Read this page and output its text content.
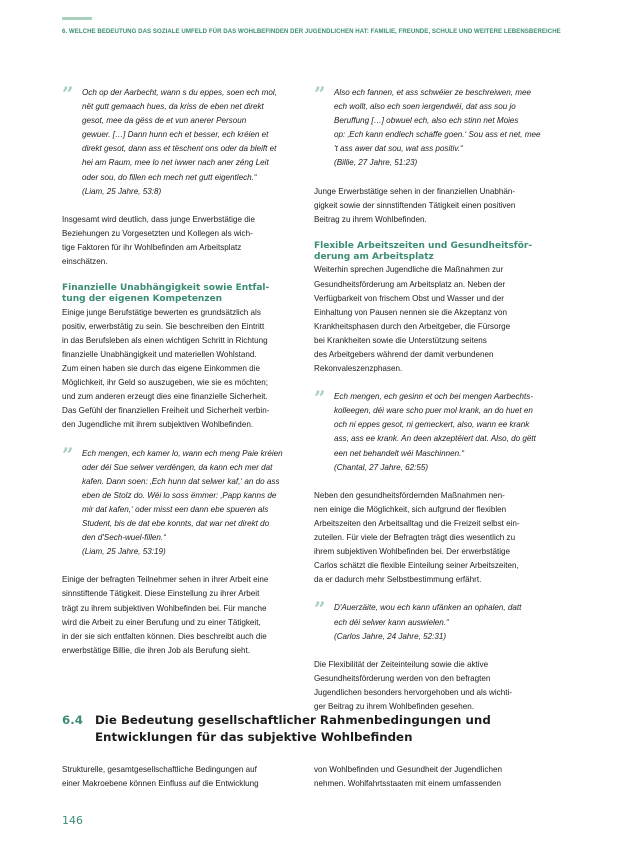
6. WELCHE BEDEUTUNG DAS SOZIALE UMFELD FÜR DAS WOHLBEFINDEN DER JUGENDLICHEN HAT: FAMILIE, FREUNDE, SCHULE UND WEITERE LEBENSBEREICHE
” Och op der Aarbecht, wann s du eppes, soen ech mol,
nët gutt gemaach hues, da kriss de eben net direkt
gesot, mee da gëss de et vun anerer Persoun
gewuer. […] Dann hunn ech et besser, ech kréien et
direkt gesot, dann ass et tëschent ons oder da bleift et
hei am Raum, mee lo net iwwer nach aner zéng Leit
oder sou, do fillen ech mech net gutt eigentlech.“
(Liam, 25 Jahre, 53:8)

Insgesamt wird deutlich, dass junge Erwerbstätige die
Beziehungen zu Vorgesetzten und Kollegen als wich-
tige Faktoren für ihr Wohlbefinden am Arbeitsplatz
einschätzen.

Finanzielle Unabhängigkeit sowie Entfal-
tung der eigenen Kompetenzen

Einige junge Berufstätige bewerten es grundsätzlich als
positiv, erwerbstätig zu sein. Sie beschreiben den Eintritt
in das Berufsleben als einen wichtigen Schritt in Richtung
finanzielle Unabhängigkeit und materiellen Wohlstand.
Zum einen haben sie durch das eigene Einkommen die
Möglichkeit, ihr Geld so auszugeben, wie sie es möchten;
und zum anderen erzeugt dies eine finanzielle Sicherheit.
Das Gefühl der finanziellen Freiheit und Sicherheit verbin-
den Jugendliche mit ihrem subjektiven Wohlbefinden.

” Ech mengen, ech kamer lo, wann ech meng Paie kréien
oder déi Sue selwer verdéngen, da kann ech mer dat
kafen. Dann soen: ‚Ech hunn dat selwer kaf,‘ an do ass
eben de Stolz do. Wéi lo soss ëmmer: ‚Papp kanns de
mir dat kafen,‘ oder misst een dann ebe spueren als
Student, bis de dat ebe konnts, dat war net direkt do
den d'Sech-wuel-fillen.“
(Liam, 25 Jahre, 53:19)

Einige der befragten Teilnehmer sehen in ihrer Arbeit eine
sinnstiftende Tätigkeit. Diese Einstellung zu ihrer Arbeit
trägt zu ihrem subjektiven Wohlbefinden bei. Für manche
wird die Arbeit zu einer Berufung und zu einer Tätigkeit,
in der sie sich entfalten können. Dies beschreibt auch die
erwerbstätige Billie, die ihren Job als Berufung sieht.

” Also ech fannen, et ass schwéier ze beschreiwen, mee
ech wollt, also ech soen iergendwéi, dat ass sou jo
Beruffung […] obwuel ech, also ech stinn net Moies
op: ‚Ech kann endlech schaffe goen.‘ Sou ass et net, mee
't ass awer dat sou, wat ass positiv.“
(Billie, 27 Jahre, 51:23)

Junge Erwerbstätige sehen in der finanziellen Unabhän-
gigkeit sowie der sinnstiftenden Tätigkeit einen positiven
Beitrag zu ihrem Wohlbefinden.

Flexible Arbeitszeiten und Gesundheitsför-
derung am Arbeitsplatz

Weiterhin sprechen Jugendliche die Maßnahmen zur
Gesundheitsförderung am Arbeitsplatz an. Neben der
Verfügbarkeit von frischem Obst und Wasser und der
Einhaltung von Pausen nennen sie die Akzeptanz von
Krankheitsphasen durch den Arbeitgeber, die Fürsorge
bei Krankheiten sowie die Unterstützung seitens
des Arbeitgebers während der damit verbundenen
Rekonvaleszenzphasen.

” Ech mengen, ech gesinn et och bei mengen Aarbechts-
kolleegen, déi ware scho puer mol krank, an do huet en
och ni eppes gesot, ni gemeckert, also, wann ee krank
ass, ass ee krank. An deen akzeptéiert dat. Also, do gëtt
een net behandelt wéi Maschinnen.“
(Chantal, 27 Jahre, 62:55)

Neben den gesundheitsfördernden Maßnahmen nen-
nen einige die Möglichkeit, sich aufgrund der flexiblen
Arbeitszeiten den Arbeitsalltag und die Freizeit selbst ein-
zuteilen. Für viele der Befragten trägt dies wesentlich zu
ihrem subjektiven Wohlbefinden bei. Der erwerbstätige
Carlos schätzt die flexible Einteilung seiner Arbeitszeiten,
da er dadurch mehr Selbstbestimmung erfährt.

” D'Auerzäite, wou ech kann ufänken an ophalen, datt
ech déi selwer kann auswielen.“
(Carlos Jahre, 24 Jahre, 52:31)

Die Flexibilität der Zeiteinteilung sowie die aktive
Gesundheitsförderung werden von den befragten
Jugendlichen besonders hervorgehoben und als wichti-
ger Beitrag zu ihrem Wohlbefinden gesehen.

6.4 Die Bedeutung gesellschaftlicher Rahmenbedingungen und
Entwicklungen für das subjektive Wohlbefinden

Strukturelle, gesamtgesellschaftliche Bedingungen auf
einer Makroebene können Einfluss auf die Entwicklung

von Wohlbefinden und Gesundheit der Jugendlichen
nehmen. Wohlfahrtsstaaten mit einem umfassenden

146
